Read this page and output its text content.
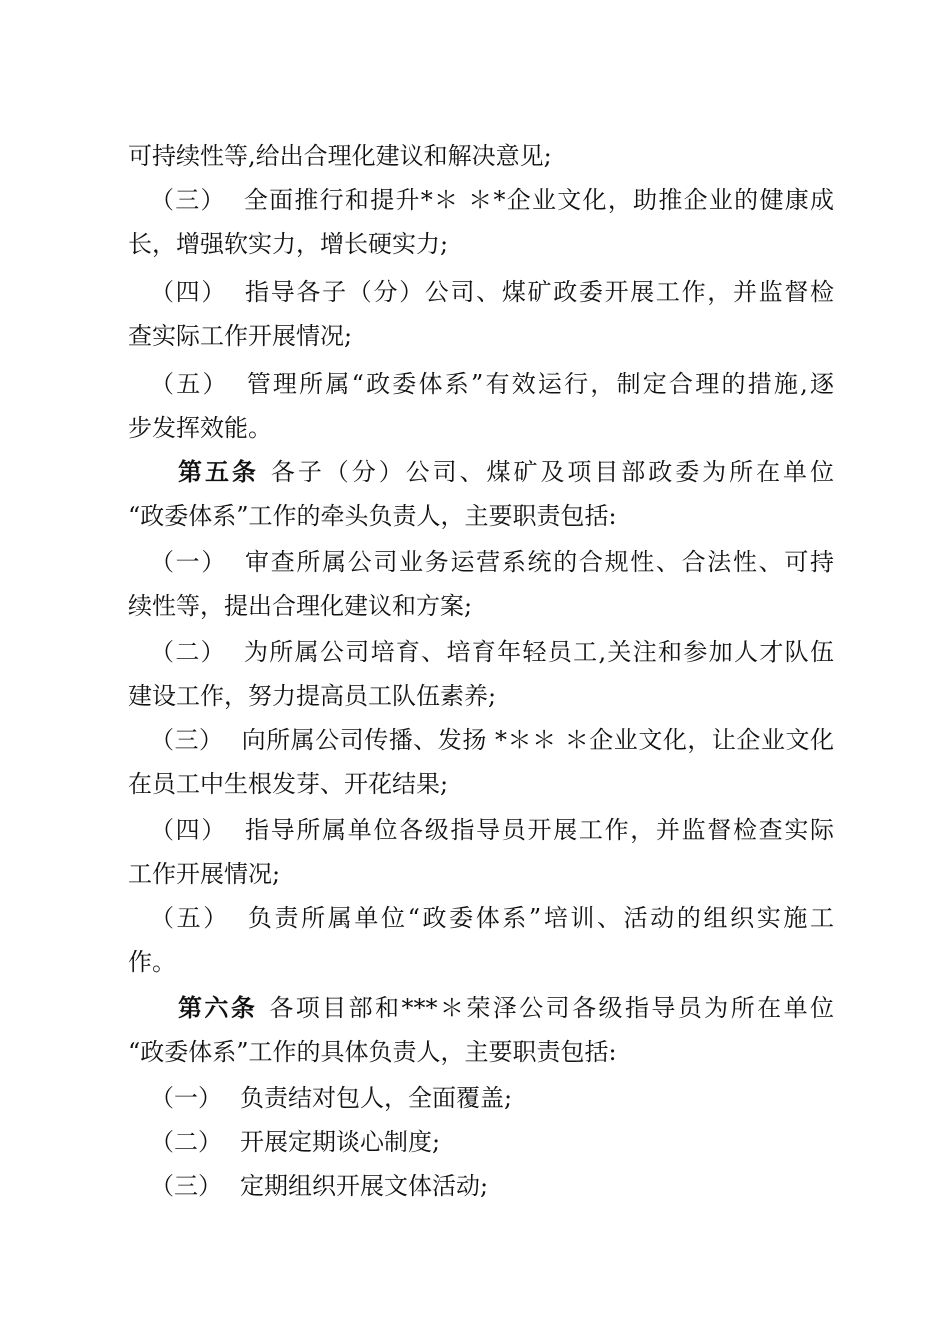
可持续性等,给出合理化建议和解决意见;
（三） 全面推行和提升*＊ ＊*企业文化，助推企业的健康成
长，增强软实力，增长硬实力;
（四） 指导各子（分）公司、煤矿政委开展工作，并监督检
查实际工作开展情况;
（五） 管理所属“政委体系”有效运行，制定合理的措施,逐
步发挥效能。
第五条 各子（分）公司、煤矿及项目部政委为所在单位
“政委体系”工作的牵头负责人，主要职责包括:
（一） 审查所属公司业务运营系统的合规性、合法性、可持
续性等，提出合理化建议和方案;
（二） 为所属公司培育、培育年轻员工,关注和参加人才队伍
建设工作，努力提高员工队伍素养;
（三） 向所属公司传播、发扬 *＊＊ ＊企业文化，让企业文化
在员工中生根发芽、开花结果;
（四） 指导所属单位各级指导员开展工作，并监督检查实际
工作开展情况;
（五） 负责所属单位“政委体系”培训、活动的组织实施工
作。
第六条 各项目部和***＊荣泽公司各级指导员为所在单位
“政委体系”工作的具体负责人，主要职责包括:
（一） 负责结对包人，全面覆盖;
（二） 开展定期谈心制度;
（三） 定期组织开展文体活动;
